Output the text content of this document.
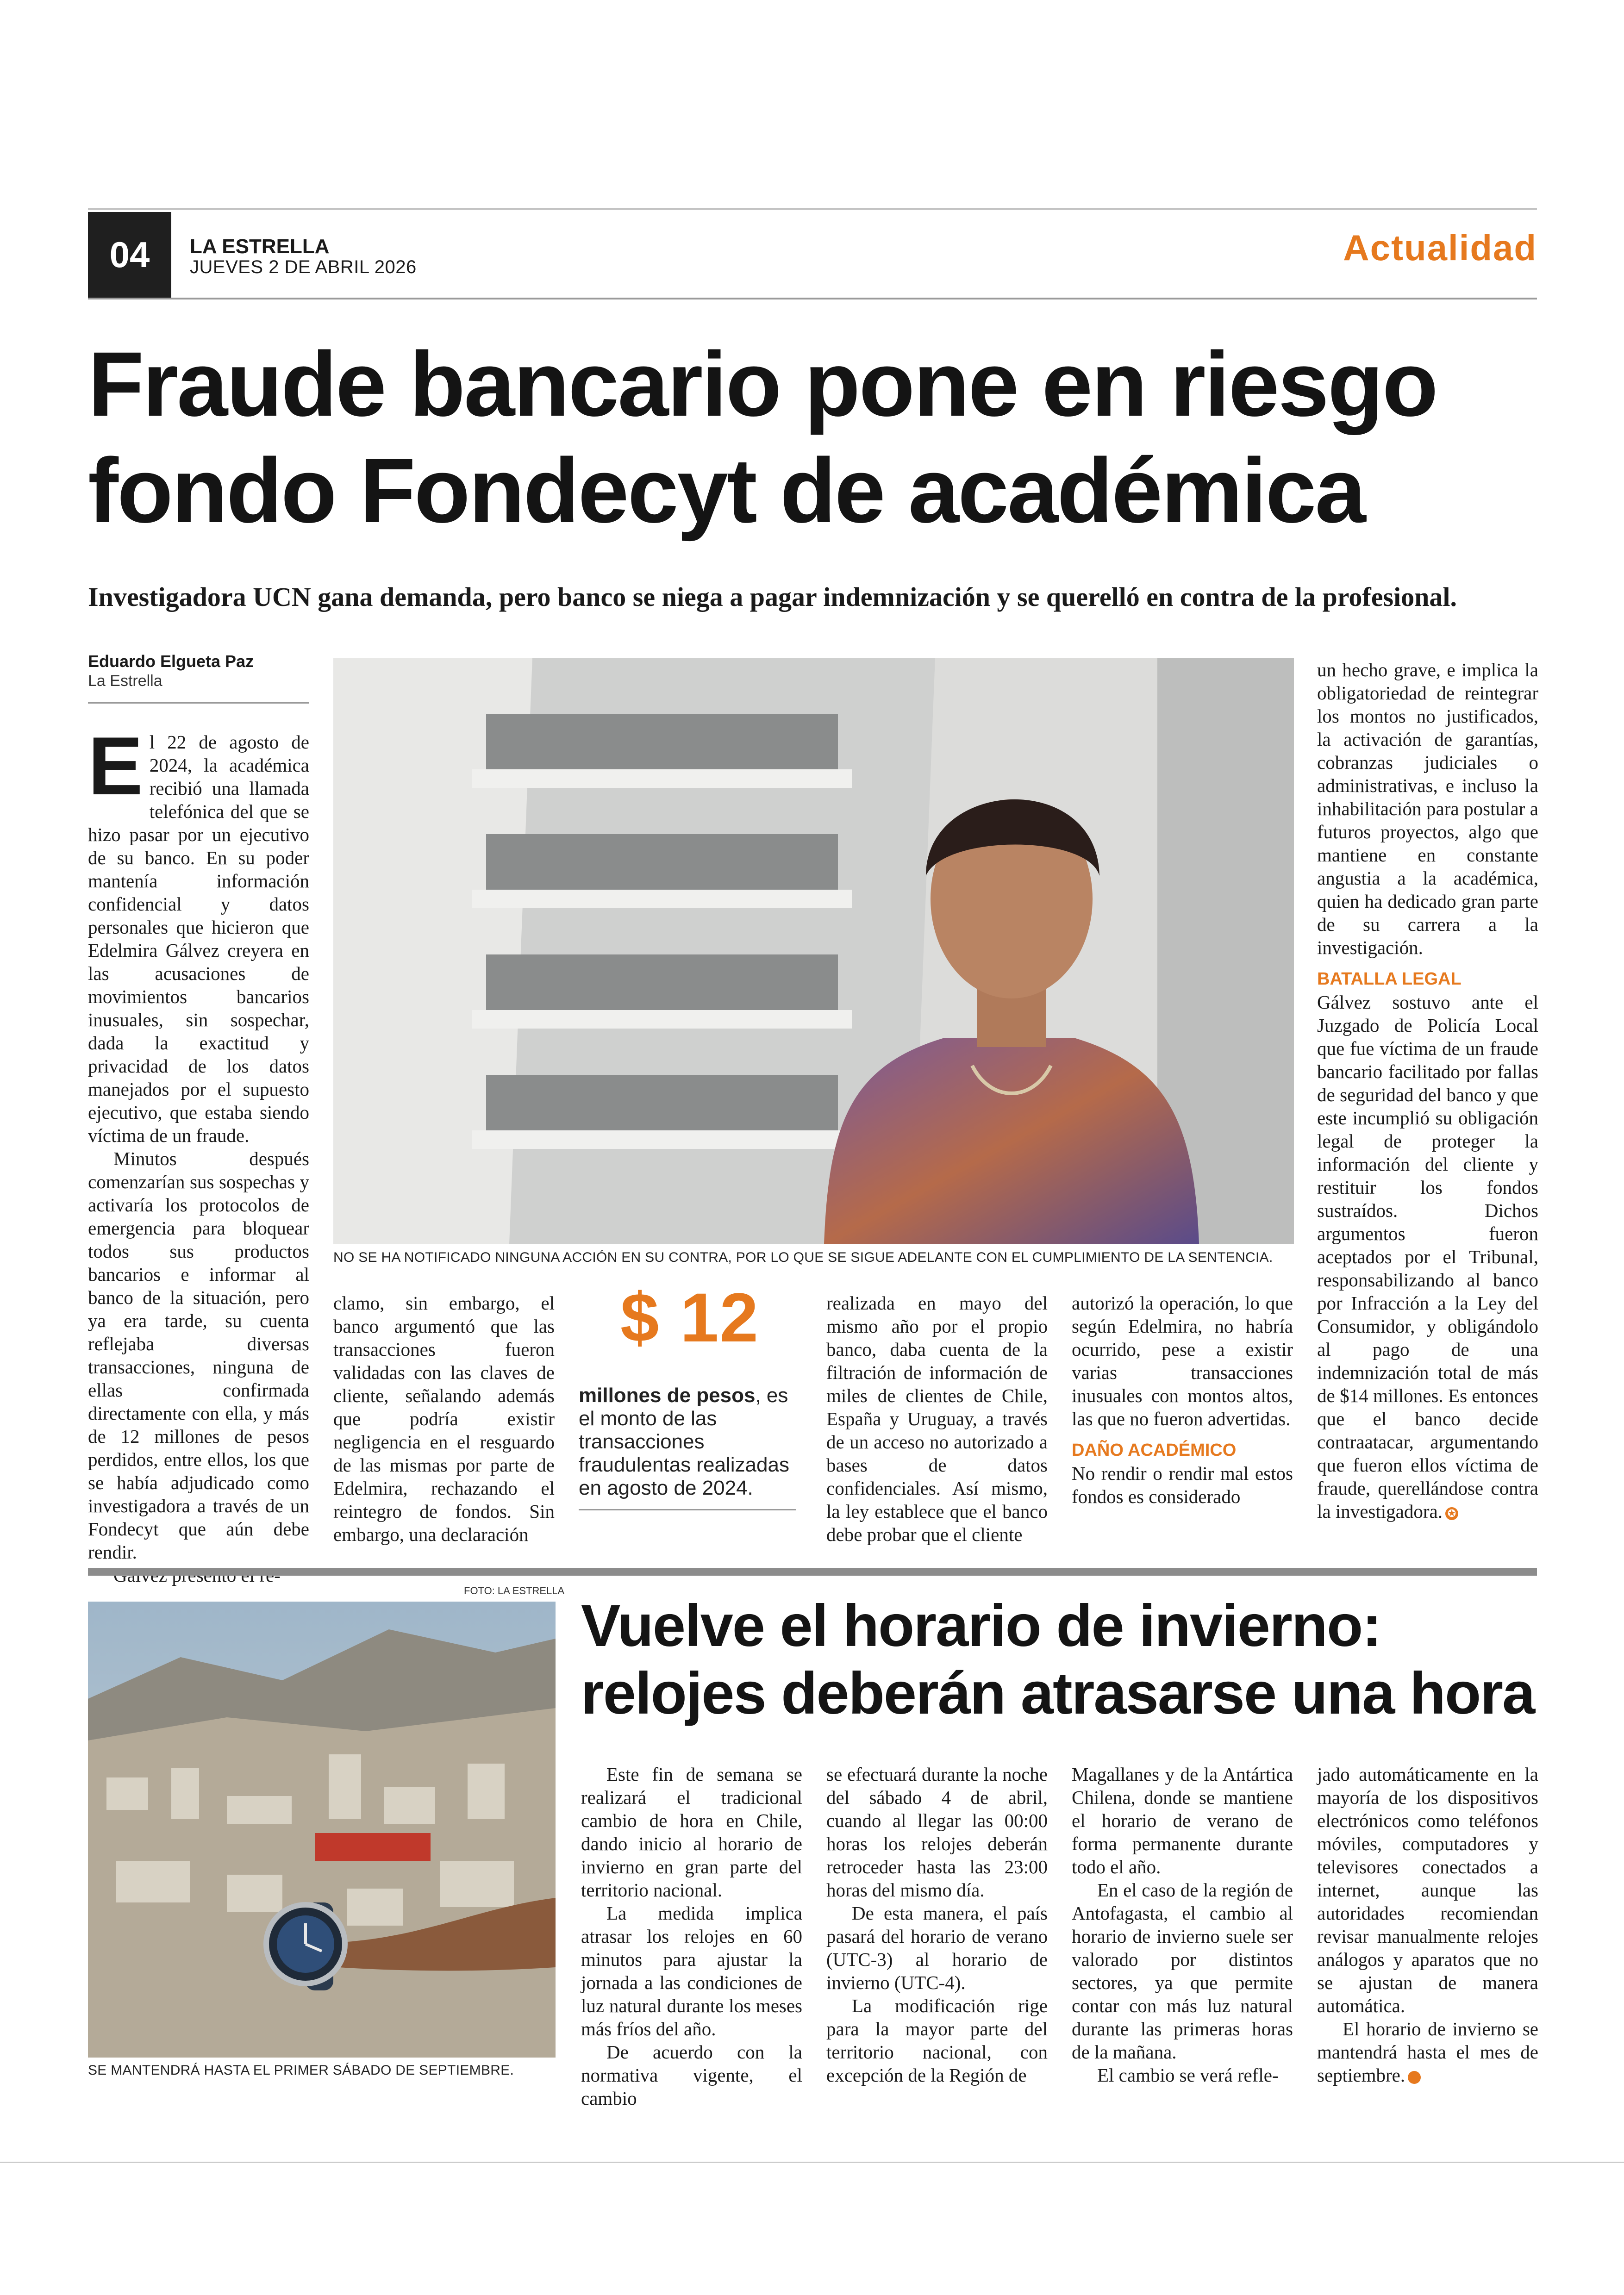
04	LA ESTRELLA
JUEVES 2 DE ABRIL 2026	Actualidad
Fraude bancario pone en riesgo
fondo Fondecyt de académica
Investigadora UCN gana demanda, pero banco se niega a pagar indemnización y se querelló en contra de la profesional.
Eduardo Elgueta Paz
La Estrella

El 22 de agosto de 2024, la académica recibió una llamada telefónica del que se hizo pasar por un ejecutivo de su banco. En su poder mantenía información confidencial y datos personales que hicieron que Edelmira Gálvez creyera en las acusaciones de movimientos bancarios inusuales, sin sospechar, dada la exactitud y privacidad de los datos manejados por el supuesto ejecutivo, que estaba siendo víctima de un fraude.

Minutos después comenzarían sus sospechas y activaría los protocolos de emergencia para bloquear todos sus productos bancarios e informar al banco de la situación, pero ya era tarde, su cuenta reflejaba diversas transacciones, ninguna de ellas confirmada directamente con ella, y más de 12 millones de pesos perdidos, entre ellos, los que se había adjudicado como investigadora a través de un Fondecyt que aún debe rendir.

NO SE HA NOTIFICADO NINGUNA ACCIÓN EN SU CONTRA, POR LO QUE SE SIGUE ADELANTE CON EL CUMPLIMIENTO DE LA SENTENCIA.

clamo, sin embargo, el banco argumentó que las transacciones fueron validadas con las claves de cliente, señalando además que podría existir negligencia en el resguardo de las mismas por parte de Edelmira, rechazando el reintegro de fondos. Sin embargo, una declaración

$ 12
millones de pesos, es el monto de las transacciones fraudulentas realizadas en agosto de 2024.

realizada en mayo del mismo año por el propio banco, daba cuenta de la filtración de información de miles de clientes de Chile, España y Uruguay, a través de un acceso no autorizado a bases de datos confidenciales. Así mismo, la ley establece que el banco debe probar que el cliente

autorizó la operación, lo que según Edelmira, no habría ocurrido, pese a existir varias transacciones inusuales con montos altos, las que no fueron advertidas.

DAÑO ACADÉMICO

No rendir o rendir mal estos fondos es considerado

un hecho grave, e implica la obligatoriedad de reintegrar los montos no justificados, la activación de garantías, cobranzas judiciales o administrativas, e incluso la inhabilitación para postular a futuros proyectos, algo que mantiene en constante angustia a la académica, quien ha dedicado gran parte de su carrera a la investigación.

BATALLA LEGAL

Gálvez sostuvo ante el Juzgado de Policía Local que fue víctima de un fraude bancario facilitado por fallas de seguridad del banco y que este incumplió su obligación legal de proteger la información del cliente y restituir los fondos sustraídos. Dichos argumentos fueron aceptados por el Tribunal, responsabilizando al banco por Infracción a la Ley del Consumidor, y obligándolo al pago de una indemnización total de más de $14 millones. Es entonces que el banco decide contraatacar, argumentando que fueron ellos víctima de fraude, querellándose contra la investigadora. ✪

FOTO: LA ESTRELLA
SE MANTENDRÁ HASTA EL PRIMER SÁBADO DE SEPTIEMBRE.
Vuelve el horario de invierno:
relojes deberán atrasarse una hora

Este fin de semana se realizará el tradicional cambio de hora en Chile, dando inicio al horario de invierno en gran parte del territorio nacional.

La medida implica atrasar los relojes en 60 minutos para ajustar la jornada a las condiciones de luz natural durante los meses más fríos del año.

De acuerdo con la normativa vigente, el cambio

se efectuará durante la noche del sábado 4 de abril, cuando al llegar las 00:00 horas los relojes deberán retroceder hasta las 23:00 horas del mismo día.

De esta manera, el país pasará del horario de verano (UTC-3) al horario de invierno (UTC-4).

La modificación rige para la mayor parte del territorio nacional, con excepción de la Región de

Magallanes y de la Antártica Chilena, donde se mantiene el horario de verano de forma permanente durante todo el año.

En el caso de la región de Antofagasta, el cambio al horario de invierno suele ser valorado por distintos sectores, ya que permite contar con más luz natural durante las primeras horas de la mañana.

El cambio se verá refle-

jado automáticamente en la mayoría de los dispositivos electrónicos como teléfonos móviles, computadores y televisores conectados a internet, aunque las autoridades recomiendan revisar manualmente relojes análogos y aparatos que no se ajustan de manera automática.

El horario de invierno se mantendrá hasta el mes de septiembre.	✪
